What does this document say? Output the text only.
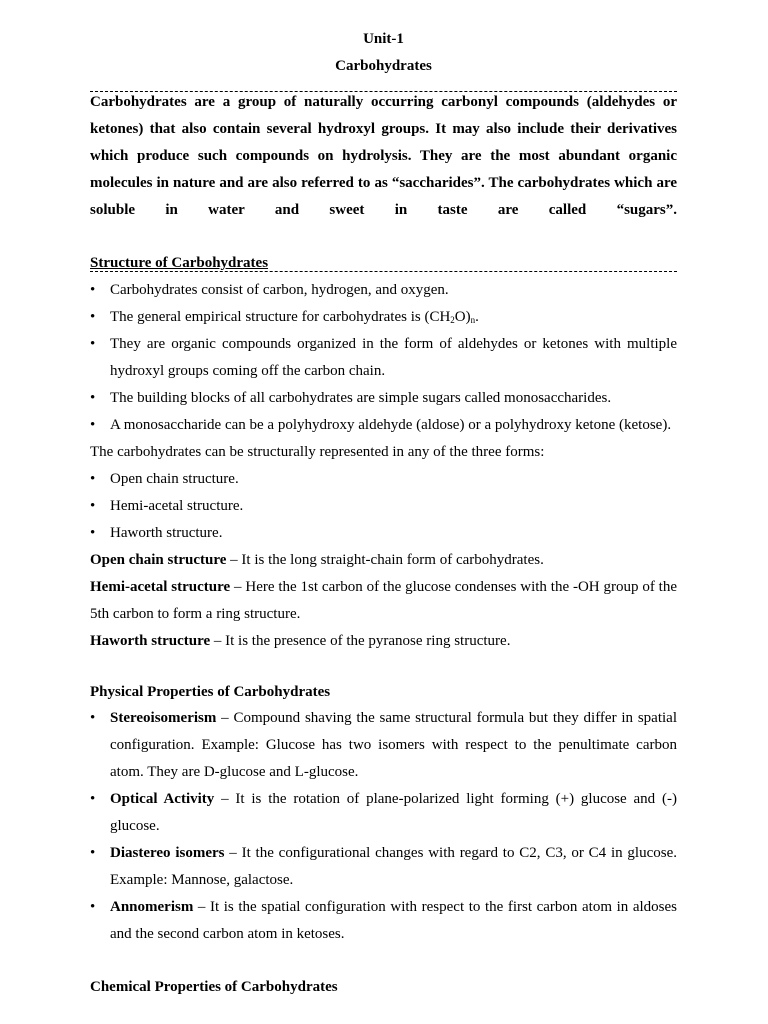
Unit-1
Carbohydrates
Carbohydrates are a group of naturally occurring carbonyl compounds (aldehydes or ketones) that also contain several hydroxyl groups. It may also include their derivatives which produce such compounds on hydrolysis. They are the most abundant organic molecules in nature and are also referred to as “saccharides”. The carbohydrates which are soluble in water and sweet in taste are called “sugars”.
Structure of Carbohydrates
• Carbohydrates consist of carbon, hydrogen, and oxygen.
• The general empirical structure for carbohydrates is $(CH_2O)_n$.
• They are organic compounds organized in the form of aldehydes or ketones with multiple hydroxyl groups coming off the carbon chain.
• The building blocks of all carbohydrates are simple sugars called monosaccharides.
• A monosaccharide can be a polyhydroxy aldehyde (aldose) or a polyhydroxy ketone (ketose).
The carbohydrates can be structurally represented in any of the three forms:
• Open chain structure.
• Hemi-acetal structure.
• Haworth structure.
Open chain structure – It is the long straight-chain form of carbohydrates.
Hemi-acetal structure – Here the 1st carbon of the glucose condenses with the -OH group of the 5th carbon to form a ring structure.
Haworth structure – It is the presence of the pyranose ring structure.
Physical Properties of Carbohydrates
• Stereoisomerism – Compound shaving the same structural formula but they differ in spatial configuration. Example: Glucose has two isomers with respect to the penultimate carbon atom. They are D-glucose and L-glucose.
• Optical Activity – It is the rotation of plane-polarized light forming (+) glucose and (-) glucose.
• Diastereo isomers – It the configurational changes with regard to C2, C3, or C4 in glucose. Example: Mannose, galactose.
• Annomerism – It is the spatial configuration with respect to the first carbon atom in aldoses and the second carbon atom in ketoses.
Chemical Properties of Carbohydrates
